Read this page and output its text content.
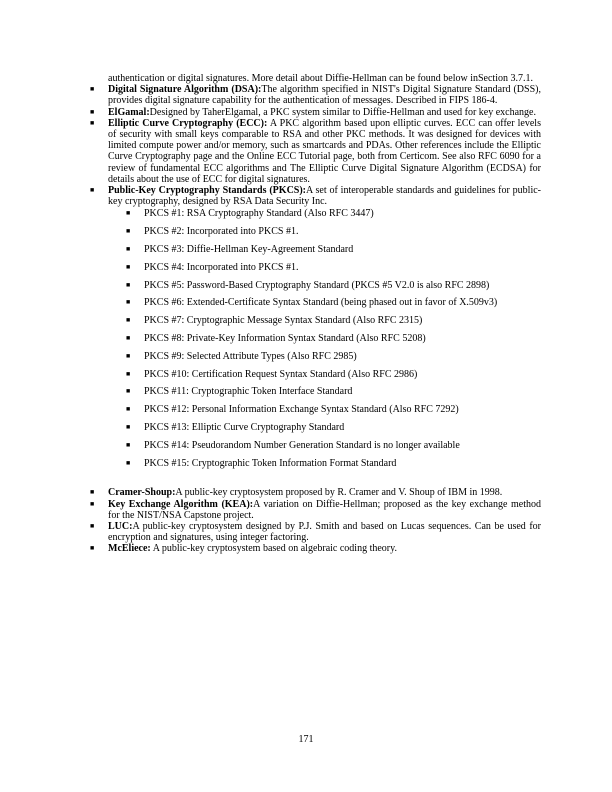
authentication or digital signatures. More detail about Diffie-Hellman can be found below inSection 3.7.1.
■ Digital Signature Algorithm (DSA):The algorithm specified in NIST's Digital Signature Standard (DSS), provides digital signature capability for the authentication of messages. Described in FIPS 186-4.
■ ElGamal:Designed by TaherElgamal, a PKC system similar to Diffie-Hellman and used for key exchange.
■ Elliptic Curve Cryptography (ECC): A PKC algorithm based upon elliptic curves. ECC can offer levels of security with small keys comparable to RSA and other PKC methods. It was designed for devices with limited compute power and/or memory, such as smartcards and PDAs. Other references include the Elliptic Curve Cryptography page and the Online ECC Tutorial page, both from Certicom. See also RFC 6090 for a review of fundamental ECC algorithms and The Elliptic Curve Digital Signature Algorithm (ECDSA) for details about the use of ECC for digital signatures.
■ Public-Key Cryptography Standards (PKCS):A set of interoperable standards and guidelines for public-key cryptography, designed by RSA Data Security Inc.
■ PKCS #1: RSA Cryptography Standard (Also RFC 3447)
■ PKCS #2: Incorporated into PKCS #1.
■ PKCS #3: Diffie-Hellman Key-Agreement Standard
■ PKCS #4: Incorporated into PKCS #1.
■ PKCS #5: Password-Based Cryptography Standard (PKCS #5 V2.0 is also RFC 2898)
■ PKCS #6: Extended-Certificate Syntax Standard (being phased out in favor of X.509v3)
■ PKCS #7: Cryptographic Message Syntax Standard (Also RFC 2315)
■ PKCS #8: Private-Key Information Syntax Standard (Also RFC 5208)
■ PKCS #9: Selected Attribute Types (Also RFC 2985)
■ PKCS #10: Certification Request Syntax Standard (Also RFC 2986)
■ PKCS #11: Cryptographic Token Interface Standard
■ PKCS #12: Personal Information Exchange Syntax Standard (Also RFC 7292)
■ PKCS #13: Elliptic Curve Cryptography Standard
■ PKCS #14: Pseudorandom Number Generation Standard is no longer available
■ PKCS #15: Cryptographic Token Information Format Standard
■ Cramer-Shoup:A public-key cryptosystem proposed by R. Cramer and V. Shoup of IBM in 1998.
■ Key Exchange Algorithm (KEA):A variation on Diffie-Hellman; proposed as the key exchange method for the NIST/NSA Capstone project.
■ LUC:A public-key cryptosystem designed by P.J. Smith and based on Lucas sequences. Can be used for encryption and signatures, using integer factoring.
■ McEliece: A public-key cryptosystem based on algebraic coding theory.
171
